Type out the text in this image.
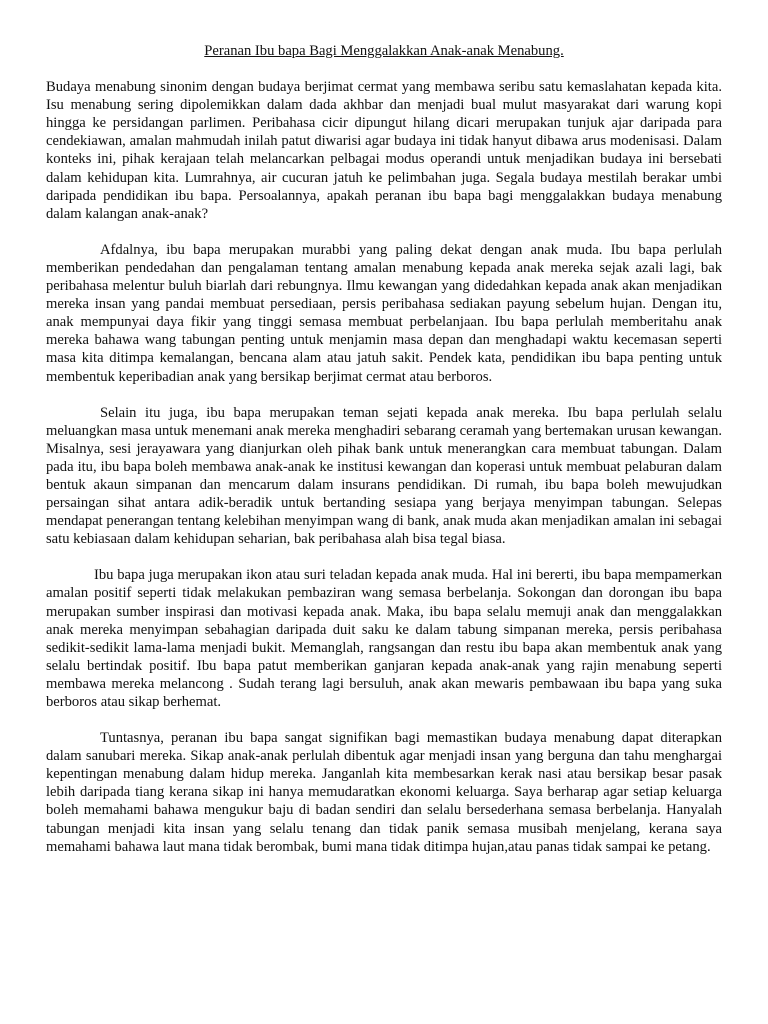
Peranan Ibu bapa Bagi Menggalakkan Anak-anak Menabung.

Budaya menabung sinonim dengan budaya berjimat cermat yang membawa seribu satu kemaslahatan kepada kita. Isu menabung sering dipolemikkan dalam dada akhbar dan menjadi bual mulut masyarakat dari warung kopi hingga ke persidangan parlimen. Peribahasa cicir dipungut hilang dicari merupakan tunjuk ajar daripada para cendekiawan, amalan mahmudah inilah patut diwarisi agar budaya ini tidak hanyut dibawa arus modenisasi. Dalam konteks ini, pihak kerajaan telah melancarkan pelbagai modus operandi untuk menjadikan budaya ini bersebati dalam kehidupan kita. Lumrahnya, air cucuran jatuh ke pelimbahan juga. Segala budaya mestilah berakar umbi daripada pendidikan ibu bapa. Persoalannya, apakah peranan ibu bapa bagi menggalakkan budaya menabung dalam kalangan anak-anak?

Afdalnya, ibu bapa merupakan murabbi yang paling dekat dengan anak muda. Ibu bapa perlulah memberikan pendedahan dan pengalaman tentang amalan menabung kepada anak mereka sejak azali lagi, bak peribahasa melentur buluh biarlah dari rebungnya. Ilmu kewangan yang didedahkan kepada anak akan menjadikan mereka insan yang pandai membuat persediaan, persis peribahasa sediakan payung sebelum hujan. Dengan itu, anak mempunyai daya fikir yang tinggi semasa membuat perbelanjaan. Ibu bapa perlulah memberitahu anak mereka bahawa wang tabungan penting untuk menjamin masa depan dan menghadapi waktu kecemasan seperti masa kita ditimpa kemalangan, bencana alam atau jatuh sakit. Pendek kata, pendidikan ibu bapa penting untuk membentuk keperibadian anak yang bersikap berjimat cermat atau berboros.

Selain itu juga, ibu bapa merupakan teman sejati kepada anak mereka. Ibu bapa perlulah selalu meluangkan masa untuk menemani anak mereka menghadiri sebarang ceramah yang bertemakan urusan kewangan. Misalnya, sesi jerayawara yang dianjurkan oleh pihak bank untuk menerangkan cara membuat tabungan. Dalam pada itu, ibu bapa boleh membawa anak-anak ke institusi kewangan dan koperasi untuk membuat pelaburan dalam bentuk akaun simpanan dan mencarum dalam insurans pendidikan. Di rumah, ibu bapa boleh mewujudkan persaingan sihat antara adik-beradik untuk bertanding sesiapa yang berjaya menyimpan tabungan. Selepas mendapat penerangan tentang kelebihan menyimpan wang di bank, anak muda akan menjadikan amalan ini sebagai satu kebiasaan dalam kehidupan seharian, bak peribahasa alah bisa tegal biasa.

Ibu bapa juga merupakan ikon atau suri teladan kepada anak muda. Hal ini bererti, ibu bapa mempamerkan amalan positif seperti tidak melakukan pembaziran wang semasa berbelanja. Sokongan dan dorongan ibu bapa merupakan sumber inspirasi dan motivasi kepada anak. Maka, ibu bapa selalu memuji anak dan menggalakkan anak mereka menyimpan sebahagian daripada duit saku ke dalam tabung simpanan mereka, persis peribahasa sedikit-sedikit lama-lama menjadi bukit. Memanglah, rangsangan dan restu ibu bapa akan membentuk anak yang selalu bertindak positif. Ibu bapa patut memberikan ganjaran kepada anak-anak yang rajin menabung seperti membawa mereka melancong . Sudah terang lagi bersuluh, anak akan mewaris pembawaan ibu bapa yang suka berboros atau sikap berhemat.

Tuntasnya, peranan ibu bapa sangat signifikan bagi memastikan budaya menabung dapat diterapkan dalam sanubari mereka. Sikap anak-anak perlulah dibentuk agar menjadi insan yang berguna dan tahu menghargai kepentingan menabung dalam hidup mereka. Janganlah kita membesarkan kerak nasi atau bersikap besar pasak lebih daripada tiang kerana sikap ini hanya memudaratkan ekonomi keluarga. Saya berharap agar setiap keluarga boleh memahami bahawa mengukur baju di badan sendiri dan selalu bersederhana semasa berbelanja. Hanyalah tabungan menjadi kita insan yang selalu tenang dan tidak panik semasa musibah menjelang, kerana saya memahami bahawa laut mana tidak berombak, bumi mana tidak ditimpa hujan,atau panas tidak sampai ke petang.
